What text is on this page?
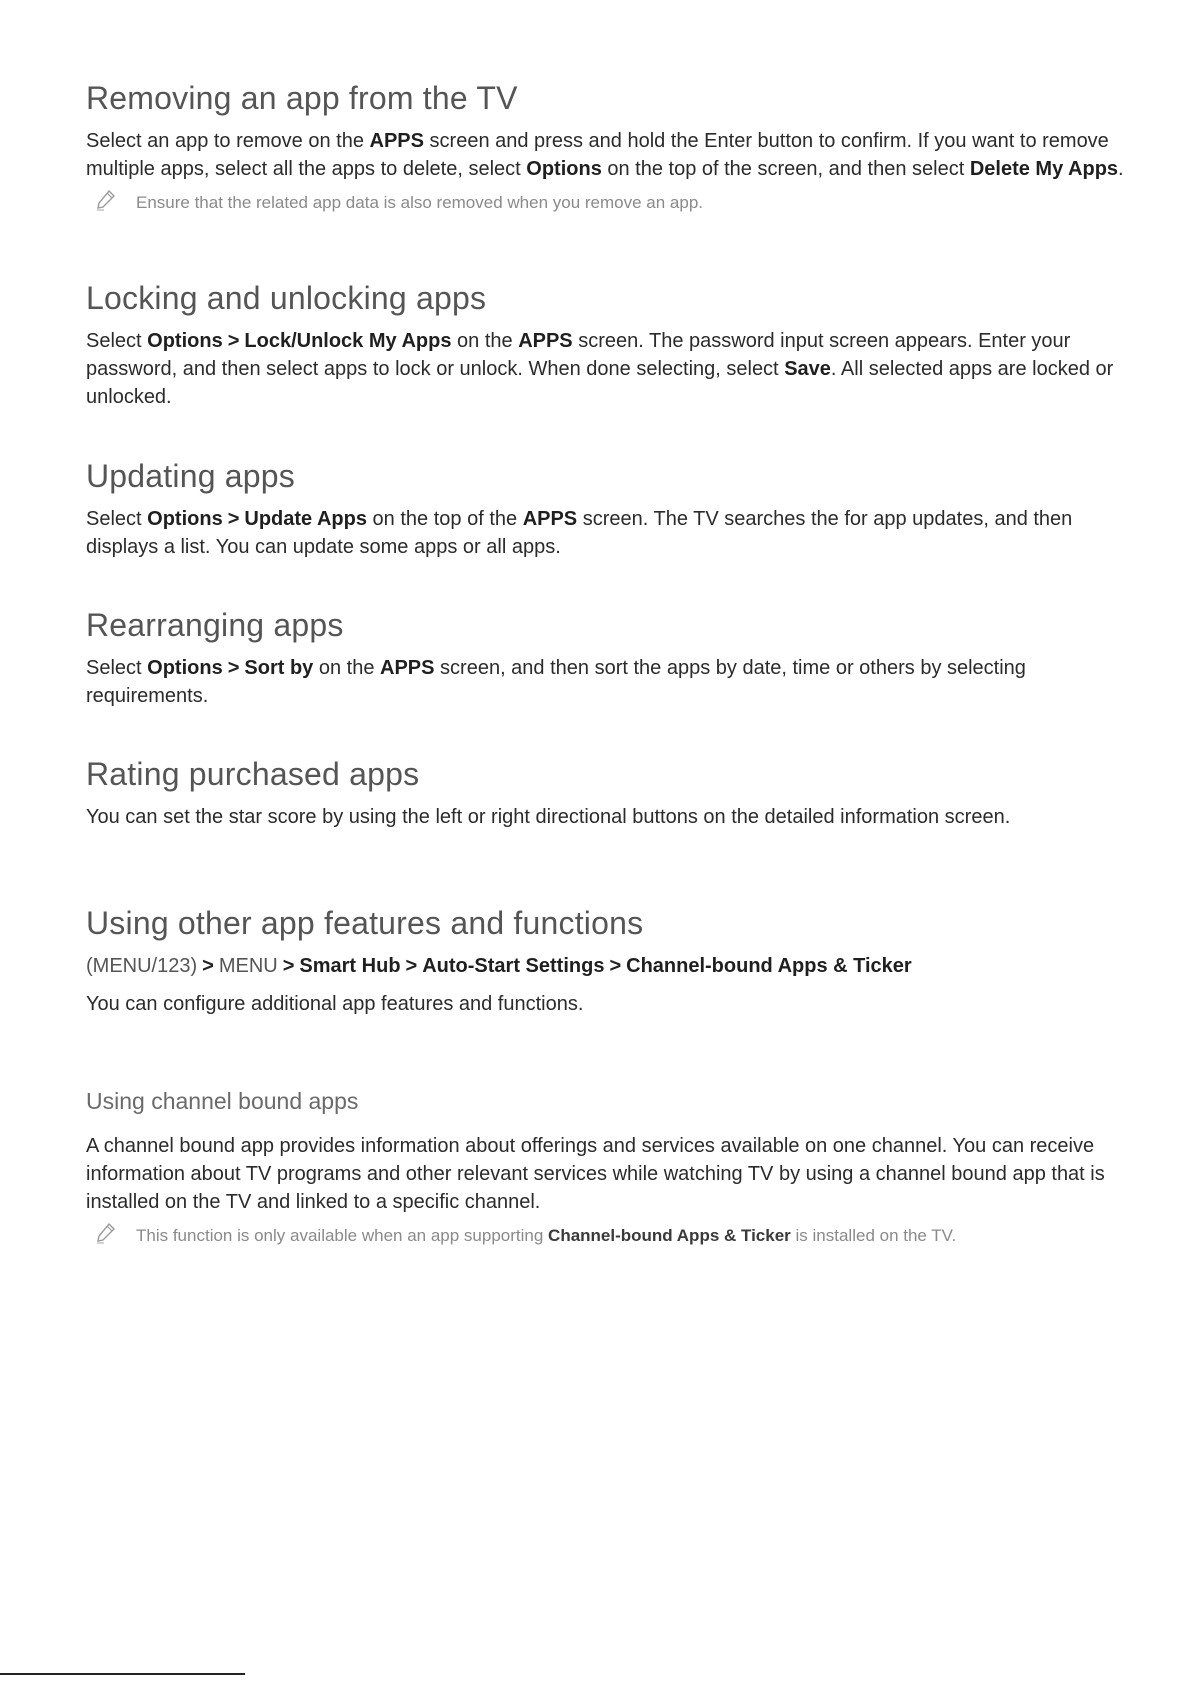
Removing an app from the TV

Select an app to remove on the APPS screen and press and hold the Enter button to confirm. If you want to remove multiple apps, select all the apps to delete, select Options on the top of the screen, and then select Delete My Apps.

Ensure that the related app data is also removed when you remove an app.
Locking and unlocking apps

Select Options > Lock/Unlock My Apps on the APPS screen. The password input screen appears. Enter your password, and then select apps to lock or unlock. When done selecting, select Save. All selected apps are locked or unlocked.

Updating apps

Select Options > Update Apps on the top of the APPS screen. The TV searches the for app updates, and then displays a list. You can update some apps or all apps.

Rearranging apps

Select Options > Sort by on the APPS screen, and then sort the apps by date, time or others by selecting requirements.

Rating purchased apps

You can set the star score by using the left or right directional buttons on the detailed information screen.

Using other app features and functions
(MENU/123) > MENU > Smart Hub > Auto-Start Settings > Channel-bound Apps & Ticker

You can configure additional app features and functions.

Using channel bound apps

A channel bound app provides information about offerings and services available on one channel. You can receive information about TV programs and other relevant services while watching TV by using a channel bound app that is installed on the TV and linked to a specific channel.

This function is only available when an app supporting Channel-bound Apps & Ticker is installed on the TV.
